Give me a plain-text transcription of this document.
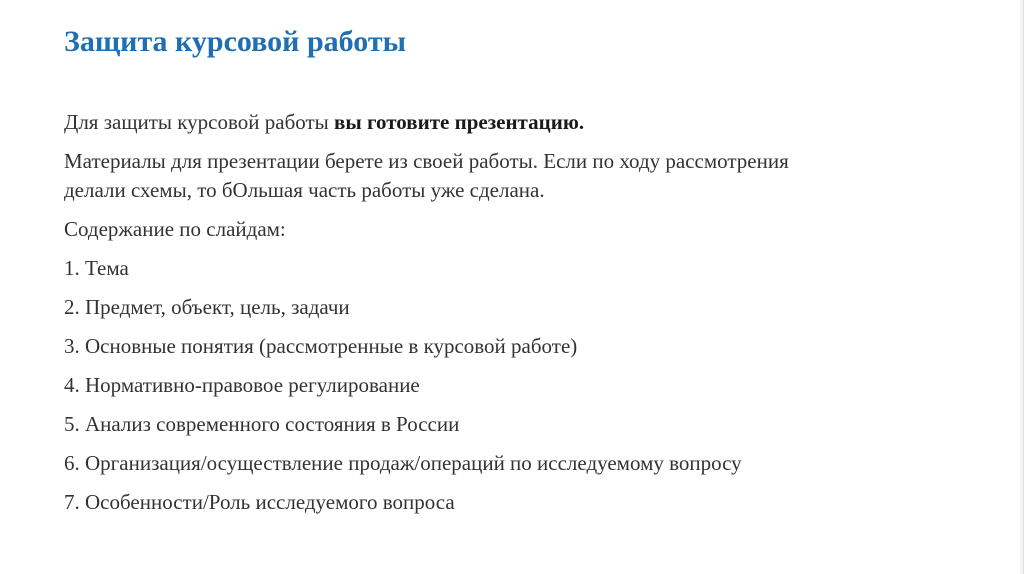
Защита курсовой работы

Для защиты курсовой работы вы готовите презентацию.

Материалы для презентации берете из своей работы. Если по ходу рассмотрения
делали схемы, то бОльшая часть работы уже сделана.

Содержание по слайдам:

1. Тема
2. Предмет, объект, цель, задачи
3. Основные понятия (рассмотренные в курсовой работе)
4. Нормативно-правовое регулирование
5. Анализ современного состояния в России
6. Организация/осуществление продаж/операций по исследуемому вопросу
7. Особенности/Роль исследуемого вопроса
